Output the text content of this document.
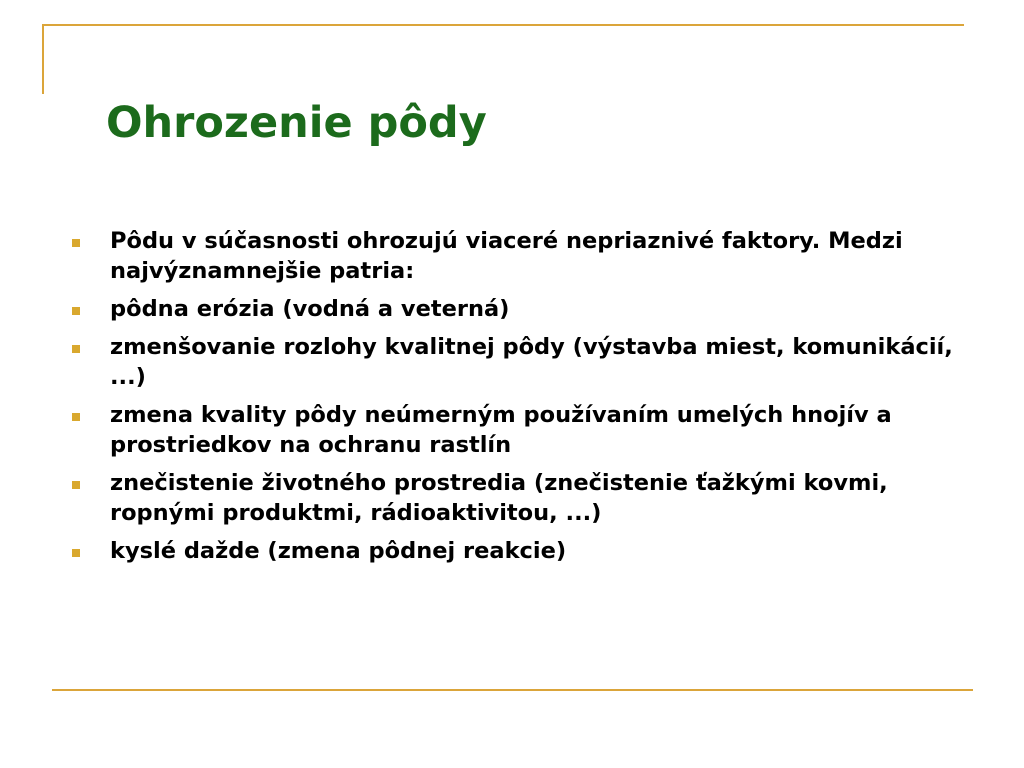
Ohrozenie pôdy
Pôdu v súčasnosti ohrozujú viaceré nepriaznivé faktory. Medzi najvýznamnejšie patria:
pôdna erózia (vodná a veterná)
zmenšovanie rozlohy kvalitnej pôdy (výstavba miest, komunikácií, ...)
zmena kvality pôdy neúmerným používaním umelých hnojív a prostriedkov na ochranu rastlín
znečistenie životného prostredia (znečistenie ťažkými kovmi, ropnými produktmi, rádioaktivitou, ...)
kyslé dažde (zmena pôdnej reakcie)
